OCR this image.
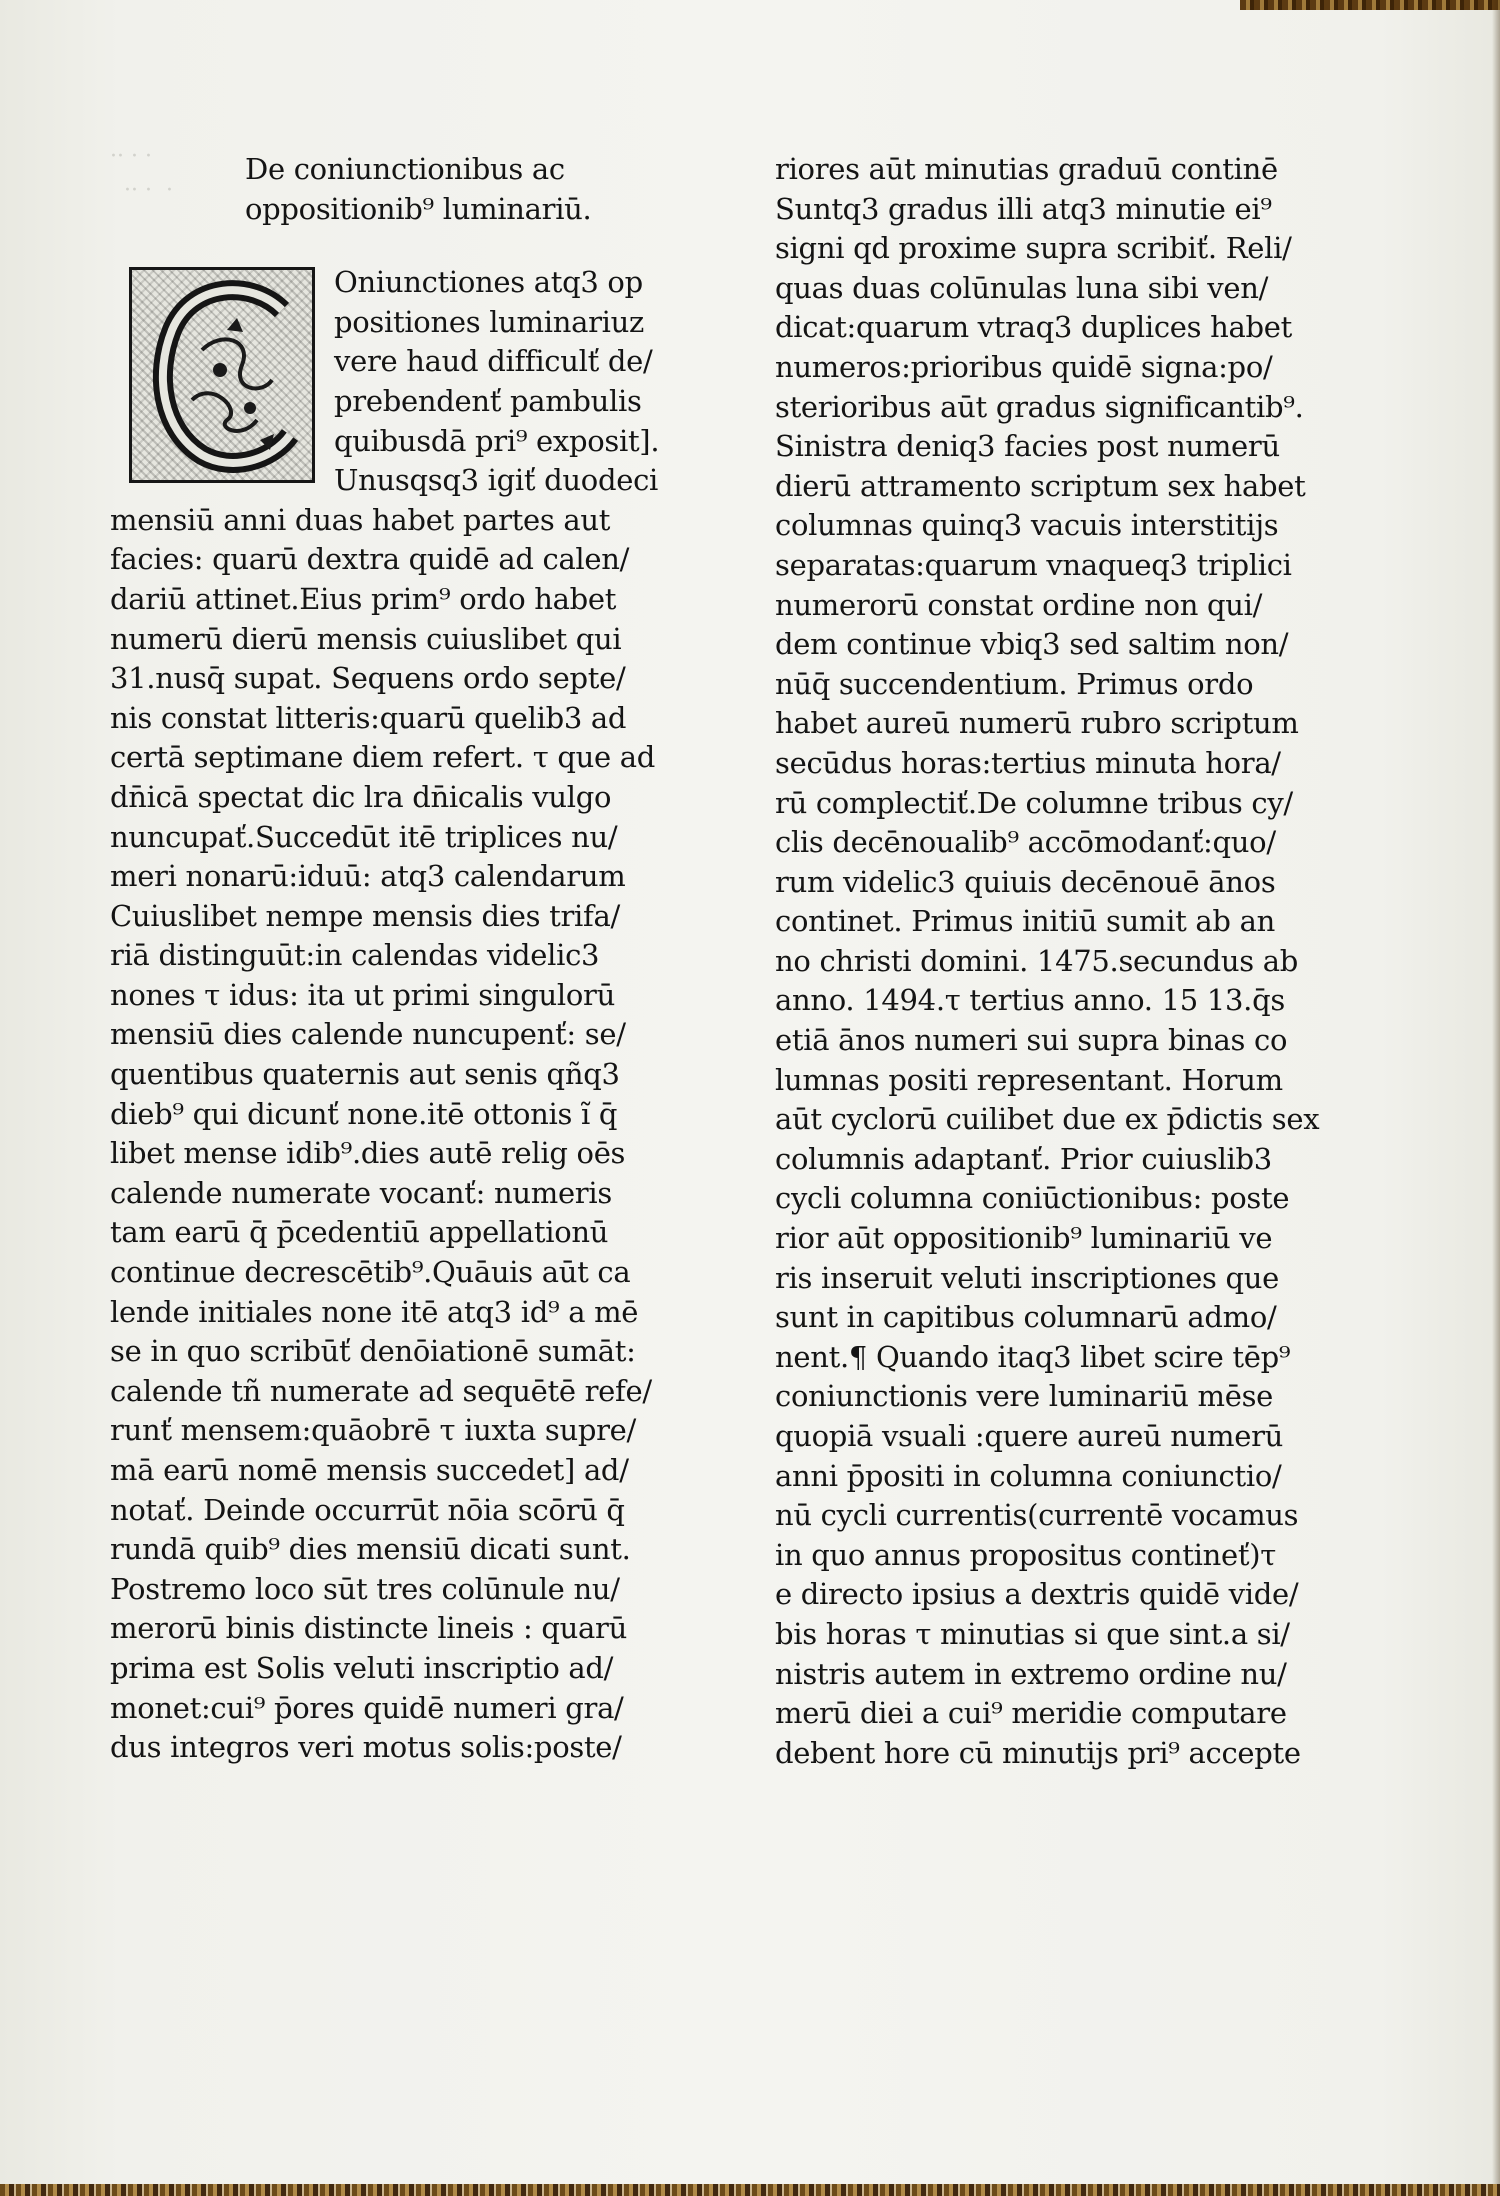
·· · ·
·· ·  ·
De coniunctionibus ac
oppositionib⁹ luminariū.
Oniunctiones atq3 op
positiones luminariuz
vere haud difficulť de/
prebendenť pambulis
quibusdā pri⁹ exposit].
Unusqsq3 igiť duodeci
mensiū anni duas habet partes aut
facies: quarū dextra quidē ad calen/
dariū attinet.Eius prim⁹ ordo habet
numerū dierū mensis cuiuslibet qui
31.nusq̄ supat. Sequens ordo septe/
nis constat litteris:quarū quelib3 ad
certā septimane diem refert. τ que ad
dn̄icā spectat dic lra dn̄icalis vulgo
nuncupať.Succedūt itē triplices nu/
meri nonarū:iduū: atq3 calendarum
Cuiuslibet nempe mensis dies trifa/
riā distinguūt:in calendas videlic3
nones τ idus: ita ut primi singulorū
mensiū dies calende nuncupenť: se/
quentibus quaternis aut senis qñq3
dieb⁹ qui dicunť none.itē ottonis ĩ q̄
libet mense idib⁹.dies autē relig oēs
calende numerate vocanť: numeris
tam earū q̄ p̄cedentiū appellationū
continue decrescētib⁹.Quāuis aūt ca
lende initiales none itē atq3 id⁹ a mē
se in quo scribūť denōiationē sumāt:
calende tñ numerate ad sequētē refe/
runť mensem:quāobrē τ iuxta supre/
mā earū nomē mensis succedet] ad/
notať. Deinde occurrūt nōia scōrū q̄
rundā quib⁹ dies mensiū dicati sunt.
Postremo loco sūt tres colūnule nu/
merorū binis distincte lineis : quarū
prima est Solis veluti inscriptio ad/
monet:cui⁹ p̄ores quidē numeri gra/
dus integros veri motus solis:poste/
riores aūt minutias graduū continē
Suntq3 gradus illi atq3 minutie ei⁹
signi qd proxime supra scribiť. Reli/
quas duas colūnulas luna sibi ven/
dicat:quarum vtraq3 duplices habet
numeros:prioribus quidē signa:po/
sterioribus aūt gradus significantib⁹.
Sinistra deniq3 facies post numerū
dierū attramento scriptum sex habet
columnas quinq3 vacuis interstitijs
separatas:quarum vnaqueq3 triplici
numerorū constat ordine non qui/
dem continue vbiq3 sed saltim non/
nūq̄ succendentium. Primus ordo
habet aureū numerū rubro scriptum
secūdus horas:tertius minuta hora/
rū complectiť.De columne tribus cy/
clis decēnoualib⁹ accōmodanť:quo/
rum videlic3 quiuis decēnouē ānos
continet. Primus initiū sumit ab an
no christi domini. 1475.secundus ab
anno. 1494.τ tertius anno. 15 13.q̄s
etiā ānos numeri sui supra binas co
lumnas positi representant. Horum
aūt cyclorū cuilibet due ex p̄dictis sex
columnis adaptanť. Prior cuiuslib3
cycli columna coniūctionibus: poste
rior aūt oppositionib⁹ luminariū ve
ris inseruit veluti inscriptiones que
sunt in capitibus columnarū admo/
nent.¶ Quando itaq3 libet scire tēp⁹
coniunctionis vere luminariū mēse
quopiā vsuali :quere aureū numerū
anni p̄positi in columna coniunctio/
nū cycli currentis(currentē vocamus
in quo annus propositus contineť)τ
e directo ipsius a dextris quidē vide/
bis horas τ minutias si que sint.a si/
nistris autem in extremo ordine nu/
merū diei a cui⁹ meridie computare
debent hore cū minutijs pri⁹ accepte
